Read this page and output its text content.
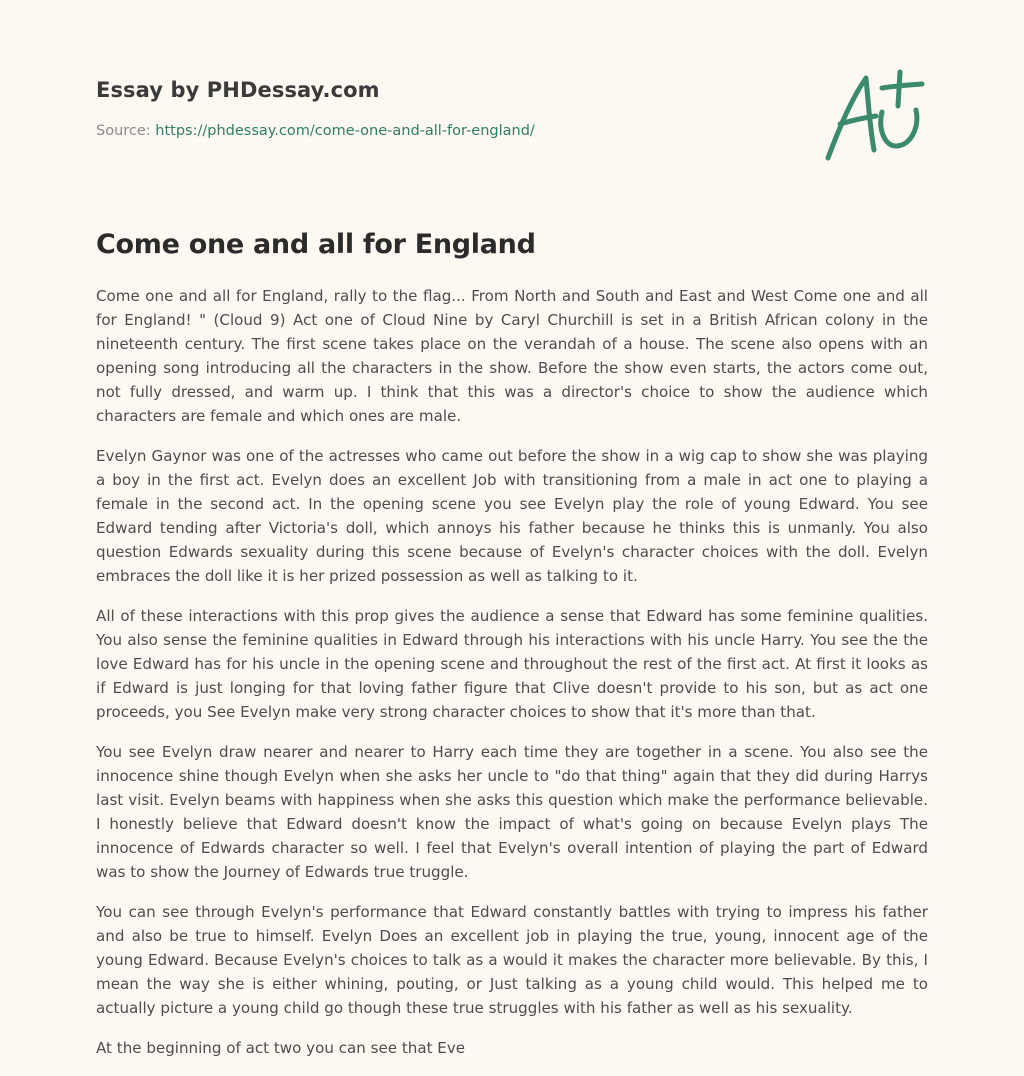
Essay by PHDessay.com
Source: https://phdessay.com/come-one-and-all-for-england/
Come one and all for England

Come one and all for England, rally to the flag... From North and South and East and West Come one and all for England! " (Cloud 9) Act one of Cloud Nine by Caryl Churchill is set in a British African colony in the nineteenth century. The first scene takes place on the verandah of a house. The scene also opens with an opening song introducing all the characters in the show. Before the show even starts, the actors come out, not fully dressed, and warm up. I think that this was a director's choice to show the audience which characters are female and which ones are male.

Evelyn Gaynor was one of the actresses who came out before the show in a wig cap to show she was playing a boy in the first act. Evelyn does an excellent Job with transitioning from a male in act one to playing a female in the second act. In the opening scene you see Evelyn play the role of young Edward. You see Edward tending after Victoria's doll, which annoys his father because he thinks this is unmanly. You also question Edwards sexuality during this scene because of Evelyn's character choices with the doll. Evelyn embraces the doll like it is her prized possession as well as talking to it.

All of these interactions with this prop gives the audience a sense that Edward has some feminine qualities. You also sense the feminine qualities in Edward through his interactions with his uncle Harry. You see the the love Edward has for his uncle in the opening scene and throughout the rest of the first act. At first it looks as if Edward is just longing for that loving father figure that Clive doesn't provide to his son, but as act one proceeds, you See Evelyn make very strong character choices to show that it's more than that.

You see Evelyn draw nearer and nearer to Harry each time they are together in a scene. You also see the innocence shine though Evelyn when she asks her uncle to "do that thing" again that they did during Harrys last visit. Evelyn beams with happiness when she asks this question which make the performance believable. I honestly believe that Edward doesn't know the impact of what's going on because Evelyn plays The innocence of Edwards character so well. I feel that Evelyn's overall intention of playing the part of Edward was to show the Journey of Edwards true truggle.

You can see through Evelyn's performance that Edward constantly battles with trying to impress his father and also be true to himself. Evelyn Does an excellent job in playing the true, young, innocent age of the young Edward. Because Evelyn's choices to talk as a would it makes the character more believable. By this, I mean the way she is either whining, pouting, or Just talking as a young child would. This helped me to actually picture a young child go though these true struggles with his father as well as his sexuality.

At the beginning of act two you can see that Eve
